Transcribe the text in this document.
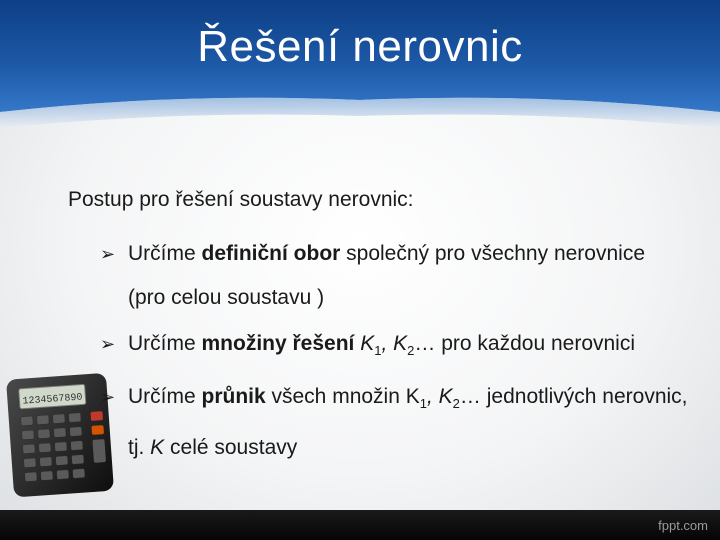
Řešení nerovnic
1234567890

Postup pro řešení soustavy nerovnic:

➢ Určíme definiční obor společný pro všechny nerovnice (pro celou soustavu )
➢ Určíme množiny řešení $K_1$, $K_2\dots$ pro každou nerovnici
➢ Určíme průnik všech množin $K_1$, $K_2\dots$ jednotlivých nerovnic, tj. K celé soustavy
fppt.com
